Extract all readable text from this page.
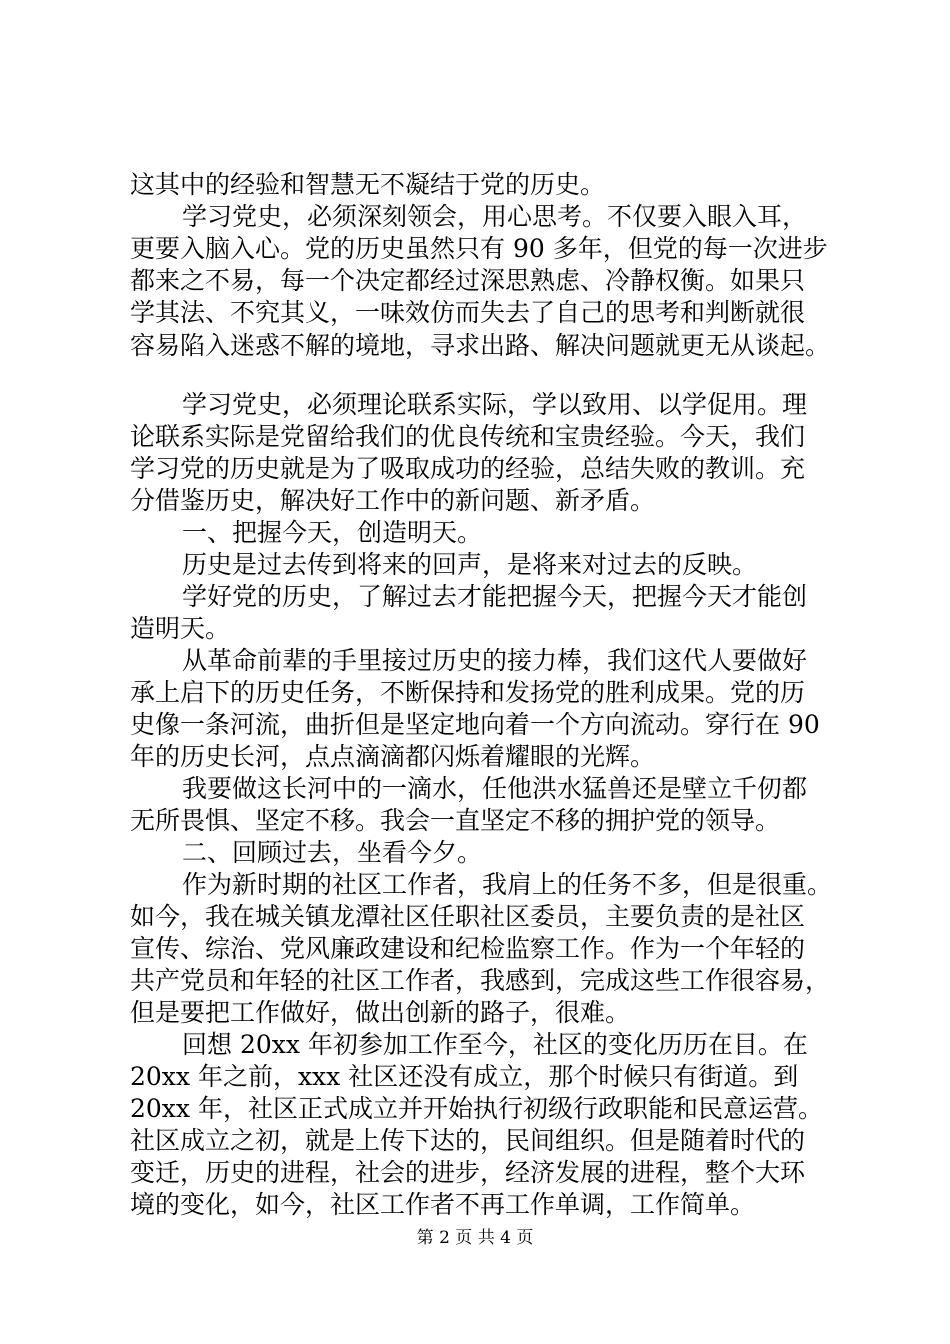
这其中的经验和智慧无不凝结于党的历史。
学习党史，必须深刻领会，用心思考。不仅要入眼入耳，
更要入脑入心。党的历史虽然只有 90 多年，但党的每一次进步
都来之不易，每一个决定都经过深思熟虑、冷静权衡。如果只
学其法、不究其义，一味效仿而失去了自己的思考和判断就很
容易陷入迷惑不解的境地，寻求出路、解决问题就更无从谈起。
学习党史，必须理论联系实际，学以致用、以学促用。理
论联系实际是党留给我们的优良传统和宝贵经验。今天，我们
学习党的历史就是为了吸取成功的经验，总结失败的教训。充
分借鉴历史，解决好工作中的新问题、新矛盾。
一、把握今天，创造明天。
历史是过去传到将来的回声，是将来对过去的反映。
学好党的历史，了解过去才能把握今天，把握今天才能创
造明天。
从革命前辈的手里接过历史的接力棒，我们这代人要做好
承上启下的历史任务，不断保持和发扬党的胜利成果。党的历
史像一条河流，曲折但是坚定地向着一个方向流动。穿行在 90
年的历史长河，点点滴滴都闪烁着耀眼的光辉。
我要做这长河中的一滴水，任他洪水猛兽还是壁立千仞都
无所畏惧、坚定不移。我会一直坚定不移的拥护党的领导。
二、回顾过去，坐看今夕。
作为新时期的社区工作者，我肩上的任务不多，但是很重。
如今，我在城关镇龙潭社区任职社区委员，主要负责的是社区
宣传、综治、党风廉政建设和纪检监察工作。作为一个年轻的
共产党员和年轻的社区工作者，我感到，完成这些工作很容易，
但是要把工作做好，做出创新的路子，很难。
回想 20xx 年初参加工作至今，社区的变化历历在目。在
20xx 年之前，xxx 社区还没有成立，那个时候只有街道。到
20xx 年，社区正式成立并开始执行初级行政职能和民意运营。
社区成立之初，就是上传下达的，民间组织。但是随着时代的
变迁，历史的进程，社会的进步，经济发展的进程，整个大环
境的变化，如今，社区工作者不再工作单调，工作简单。
第 2 页 共 4 页
